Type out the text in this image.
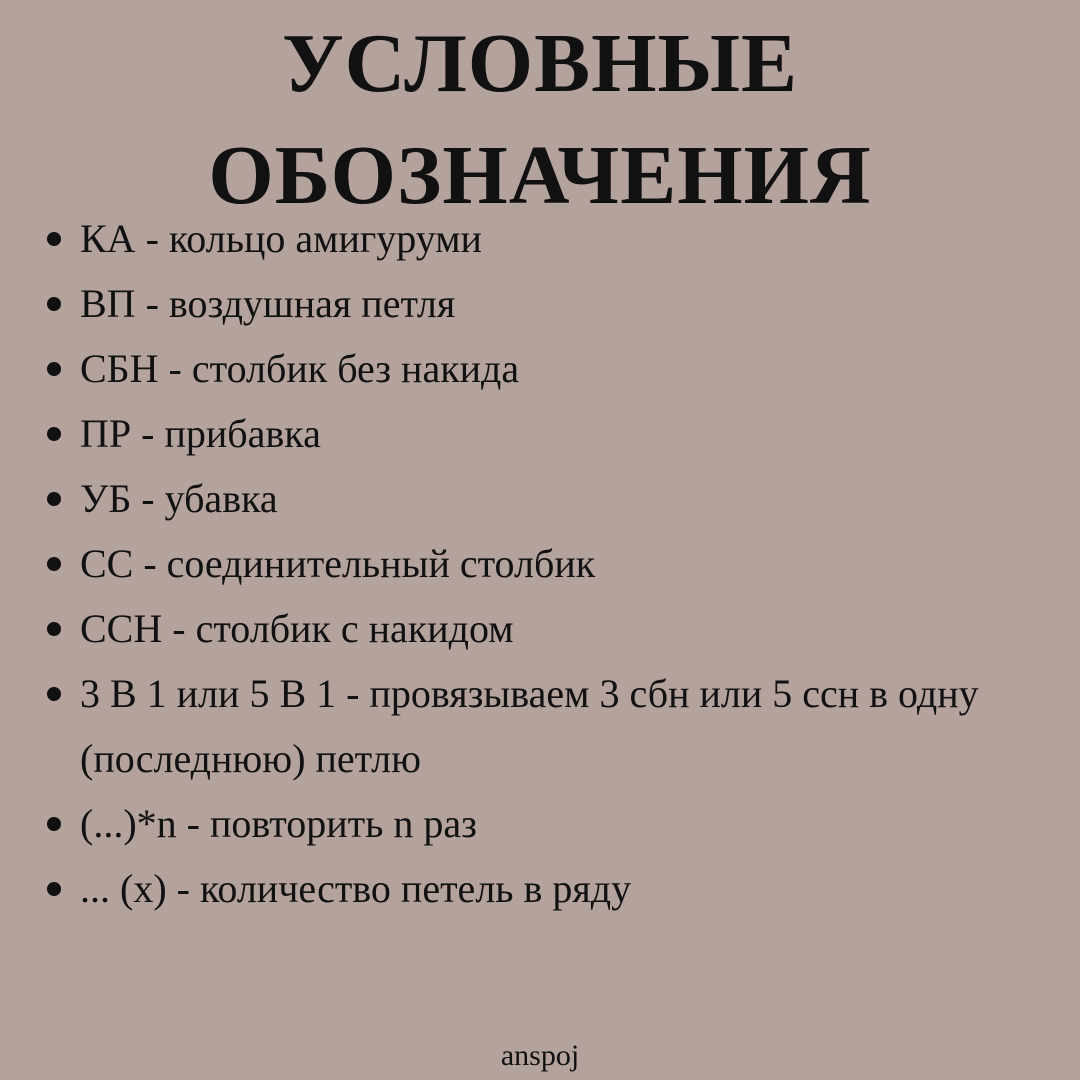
УСЛОВНЫЕ
ОБОЗНАЧЕНИЯ
КА - кольцо амигуруми
ВП - воздушная петля
СБН - столбик без накида
ПР - прибавка
УБ - убавка
СС - соединительный столбик
ССН - столбик с накидом
3 В 1 или 5 В 1 - провязываем 3 сбн или 5 ссн в одну (последнюю) петлю
(...)*n - повторить n раз
... (x) - количество петель в ряду
anspoj
